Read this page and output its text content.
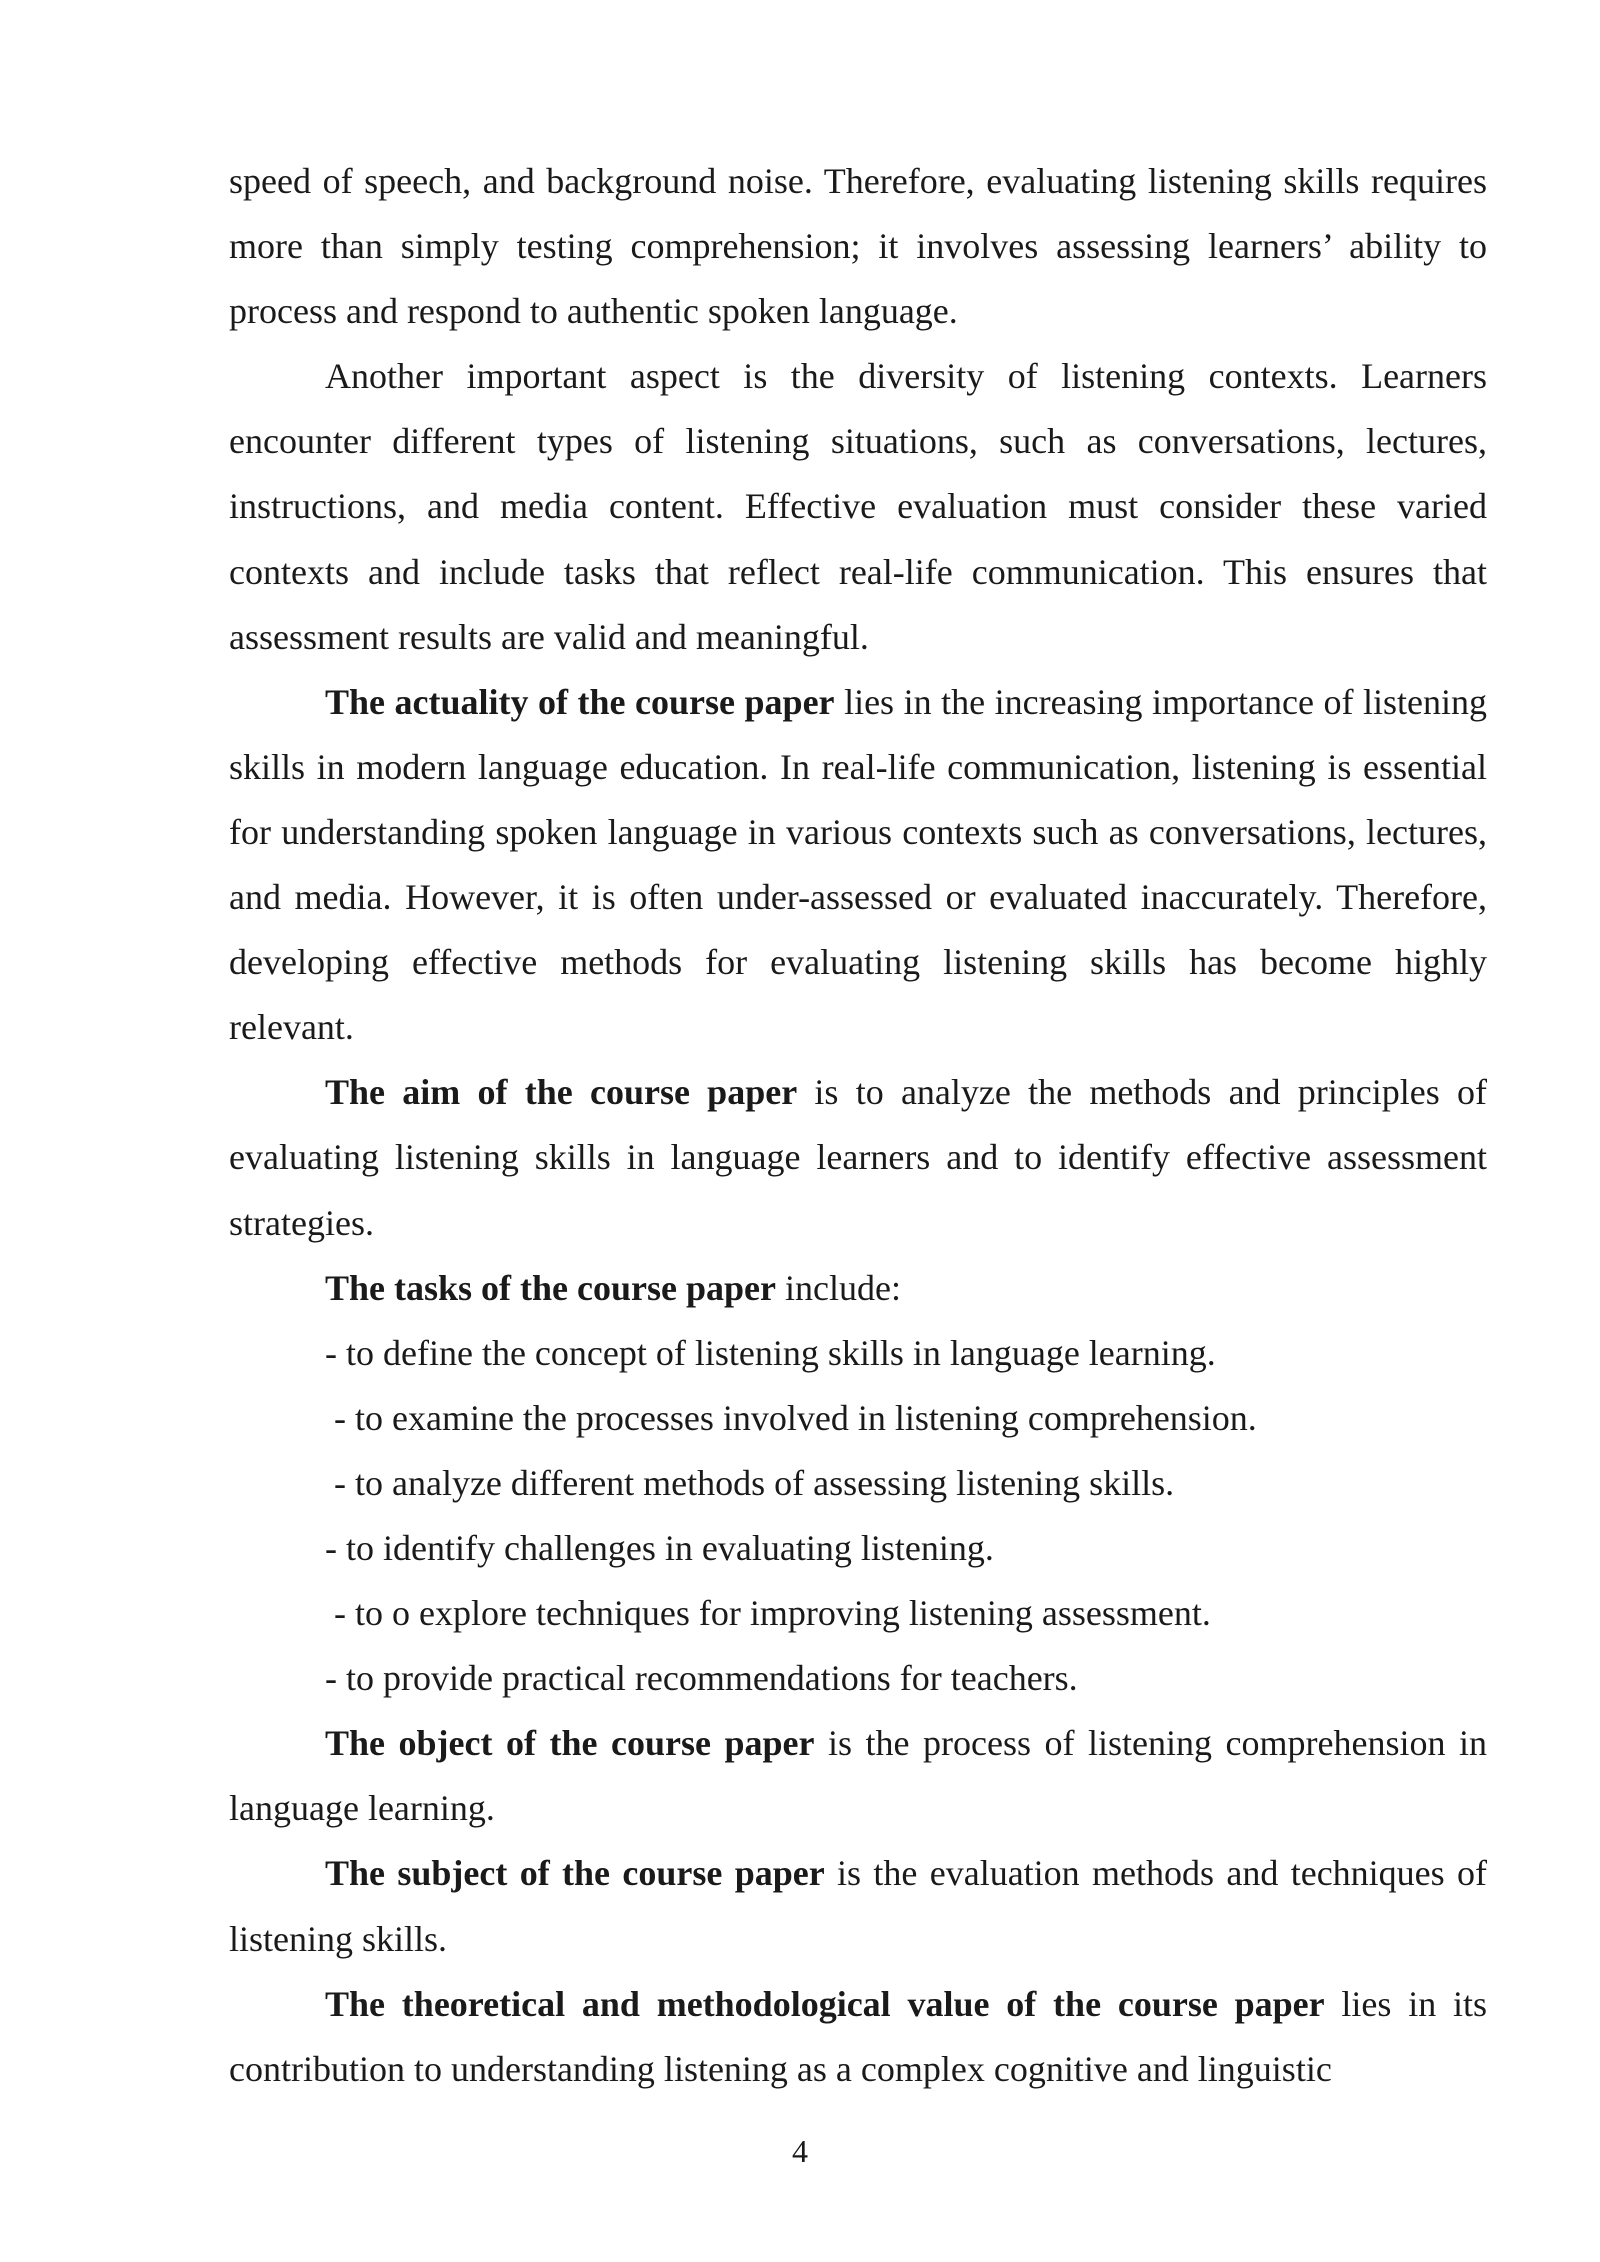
speed of speech, and background noise. Therefore, evaluating listening skills requires more than simply testing comprehension; it involves assessing learners’ ability to process and respond to authentic spoken language.

Another important aspect is the diversity of listening contexts. Learners encounter different types of listening situations, such as conversations, lectures, instructions, and media content. Effective evaluation must consider these varied contexts and include tasks that reflect real-life communication. This ensures that assessment results are valid and meaningful.

The actuality of the course paper lies in the increasing importance of listening skills in modern language education. In real-life communication, listening is essential for understanding spoken language in various contexts such as conversations, lectures, and media. However, it is often under-assessed or evaluated inaccurately. Therefore, developing effective methods for evaluating listening skills has become highly relevant.

The aim of the course paper is to analyze the methods and principles of evaluating listening skills in language learners and to identify effective assessment strategies.

The tasks of the course paper include:

- to define the concept of listening skills in language learning.

- to examine the processes involved in listening comprehension.

- to analyze different methods of assessing listening skills.

- to identify challenges in evaluating listening.

- to o explore techniques for improving listening assessment.

- to provide practical recommendations for teachers.

The object of the course paper is the process of listening comprehension in language learning.

The subject of the course paper is the evaluation methods and techniques of listening skills.

The theoretical and methodological value of the course paper lies in its contribution to understanding listening as a complex cognitive and linguistic

4
